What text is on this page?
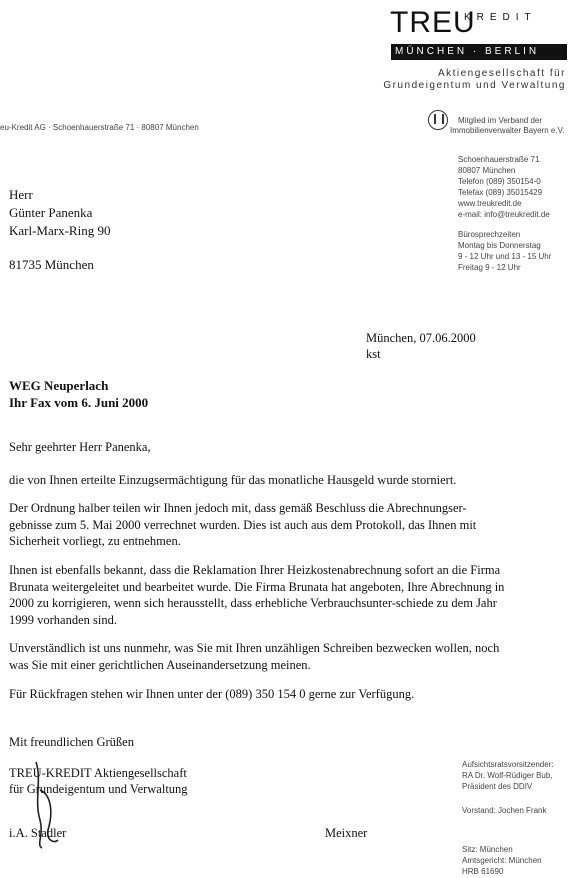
TREU
KREDIT
MÜNCHEN · BERLIN
Aktiengesellschaft für
Grundeigentum und Verwaltung
Mitglied im Verband der
Immobilienverwalter Bayern e.V.
eu-Kredit AG · Schoenhauerstraße 71 · 80807 München
Schoenhauerstraße 71
80807 München
Telefon (089) 350154-0
Telefax (089) 35015429
www.treukredit.de
e-mail: info@treukredit.de
Bürosprechzeiten
Montag bis Donnerstag
9 - 12 Uhr und 13 - 15 Uhr
Freitag 9 - 12 Uhr
Herr
Günter Panenka
Karl-Marx-Ring 90
81735 München
München, 07.06.2000
kst
WEG Neuperlach
Ihr Fax vom 6. Juni 2000
Sehr geehrter Herr Panenka,
die von Ihnen erteilte Einzugsermächtigung für das monatliche Hausgeld wurde storniert.
Der Ordnung halber teilen wir Ihnen jedoch mit, dass gemäß Beschluss die Abrechnungser-gebnisse zum 5. Mai 2000 verrechnet wurden. Dies ist auch aus dem Protokoll, das Ihnen mit Sicherheit vorliegt, zu entnehmen.
Ihnen ist ebenfalls bekannt, dass die Reklamation Ihrer Heizkostenabrechnung sofort an die Firma Brunata weitergeleitet und bearbeitet wurde. Die Firma Brunata hat angeboten, Ihre Abrechnung in 2000 zu korrigieren, wenn sich herausstellt, dass erhebliche Verbrauchsunter-schiede zu dem Jahr 1999 vorhanden sind.
Unverständlich ist uns nunmehr, was Sie mit Ihren unzähligen Schreiben bezwecken wollen, noch was Sie mit einer gerichtlichen Auseinandersetzung meinen.
Für Rückfragen stehen wir Ihnen unter der (089) 350 154 0 gerne zur Verfügung.
Mit freundlichen Grüßen
TREU-KREDIT Aktiengesellschaft
für Grundeigentum und Verwaltung
i.A. Stadler	Meixner
Aufsichtsratsvorsitzender:
RA Dr. Wolf-Rüdiger Bub,
Präsident des DDIV
Vorstand: Jochen Frank
Sitz: München
Amtsgericht: München
HRB 61690
